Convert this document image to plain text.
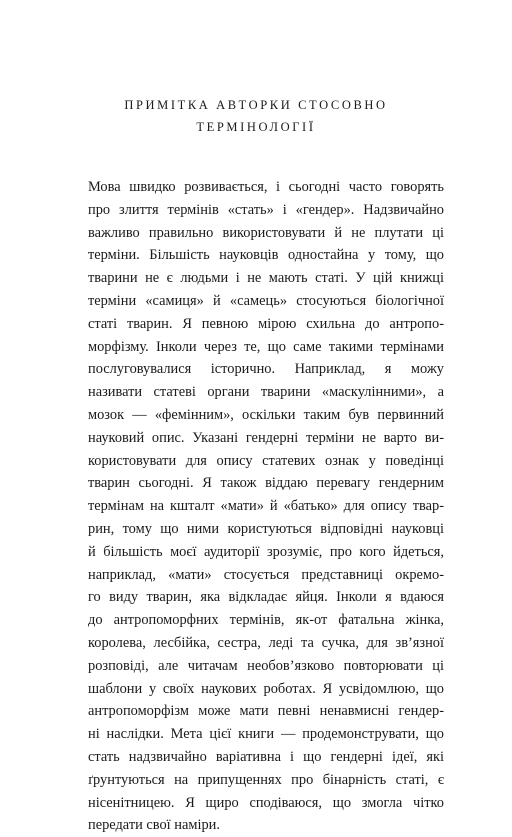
ПРИМІТКА АВТОРКИ СТОСОВНО
ТЕРМІНОЛОГІЇ
Мова швидко розвивається, і сьогодні часто говорять
про злиття термінів «стать» і «гендер». Надзвичайно
важливо правильно використовувати й не плутати ці
терміни. Більшість науковців одностайна у тому, що
тварини не є людьми і не мають статі. У цій книжці
терміни «самиця» й «самець» стосуються біологічної
статі тварин. Я певною мірою схильна до антропо-
морфізму. Інколи через те, що саме такими термінами
послуговувалися історично. Наприклад, я можу
називати статеві органи тварини «маскулінними», а
мозок — «фемінним», оскільки таким був первинний
науковий опис. Указані гендерні терміни не варто ви-
користовувати для опису статевих ознак у поведінці
тварин сьогодні. Я також віддаю перевагу гендерним
термінам на кшталт «мати» й «батько» для опису твар-
рин, тому що ними користуються відповідні науковці
й більшість моєї аудиторії зрозуміє, про кого йдеться,
наприклад, «мати» стосується представниці окремо-
го виду тварин, яка відкладає яйця. Інколи я вдаюся
до антропоморфних термінів, як-от фатальна жінка,
королева, лесбійка, сестра, леді та сучка, для зв’язної
розповіді, але читачам необов’язково повторювати ці
шаблони у своїх наукових роботах. Я усвідомлюю, що
антропоморфізм може мати певні ненавмисні гендер-
ні наслідки. Мета цієї книги — продемонструвати, що
стать надзвичайно варіативна і що гендерні ідеї, які
ґрунтуються на припущеннях про бінарність статі, є
нісенітницею. Я щиро сподіваюся, що змогла чітко
передати свої наміри.
